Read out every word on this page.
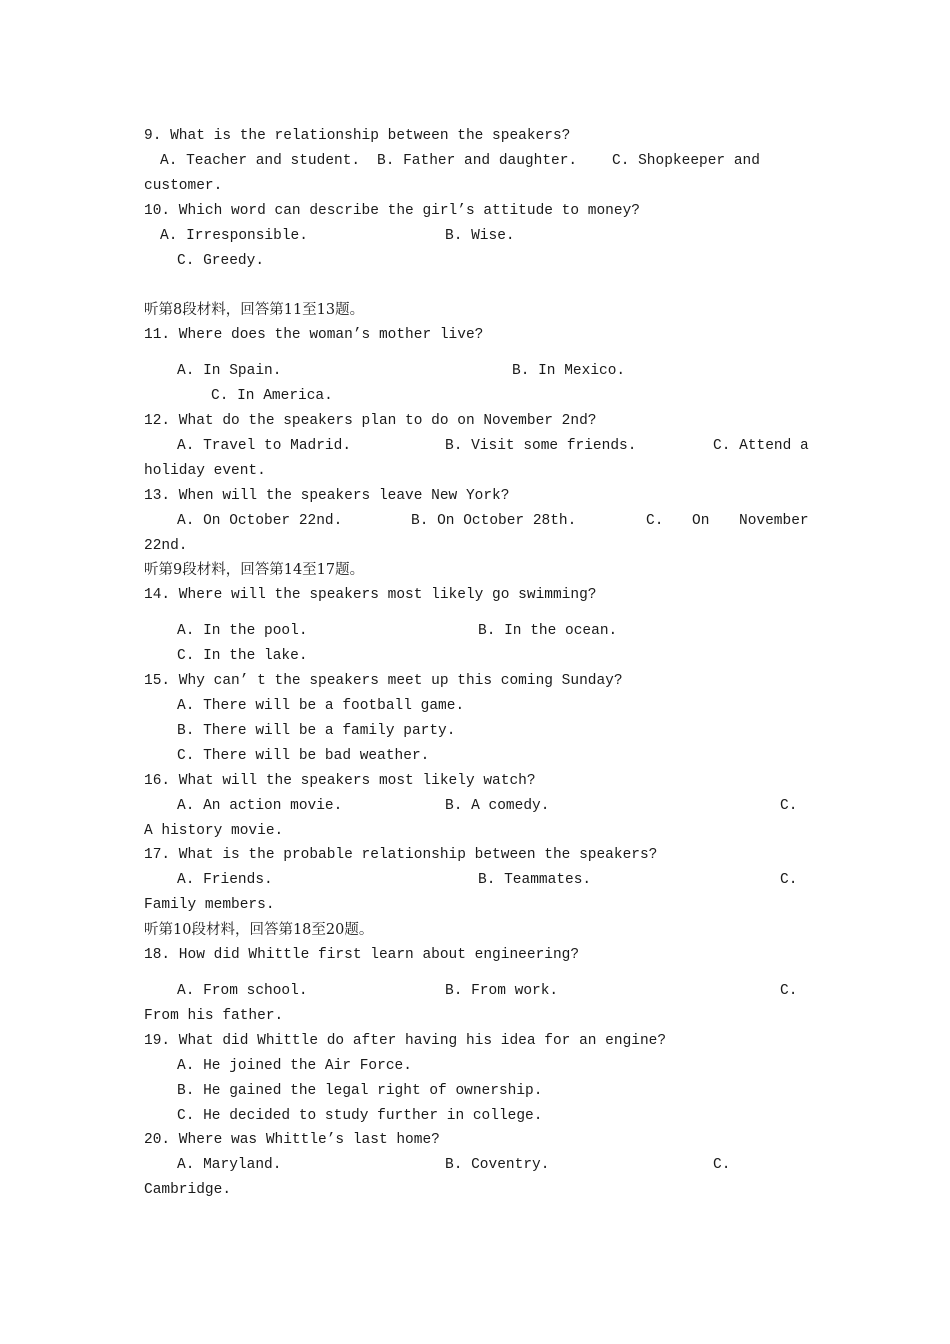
9. What is the relationship between the speakers?

A. Teacher and student.

B. Father and daughter.

C. Shopkeeper and

customer.
10. Which word can describe the girl’s attitude to money?

A. Irresponsible.

	B. Wise.

C. Greedy.

听第8段材料，回答第11至13题。
11. Where does the woman’s mother live?

A. In Spain.

	B. In Mexico.

C. In America.

12. What do the speakers plan to do on November 2nd?

A. Travel to Madrid.

	B. Visit some friends.

	C. Attend a

holiday event.
13. When will the speakers leave New York?

A. On October 22nd.

	B. On October 28th.

	C.

On

November

22nd.
听第9段材料，回答第14至17题。
14. Where will the speakers most likely go swimming?

A. In the pool.

	B. In the ocean.

C. In the lake.

15. Why can’ t the speakers meet up this coming Sunday?
A. There will be a football game.
B. There will be a family party.
C. There will be bad weather.
16. What will the speakers most likely watch?

A. An action movie.

	B. A comedy.

	C.

A history movie.
17. What is the probable relationship between the speakers?

A. Friends.

	B. Teammates.

	C.

Family members.
听第10段材料，回答第18至20题。
18. How did Whittle first learn about engineering?

A. From school.

	B. From work.

	C.

From his father.
19. What did Whittle do after having his idea for an engine?
A. He joined the Air Force.
B. He gained the legal right of ownership.
C. He decided to study further in college.
20. Where was Whittle’s last home?

A. Maryland.

	B. Coventry.

	C.

Cambridge.
